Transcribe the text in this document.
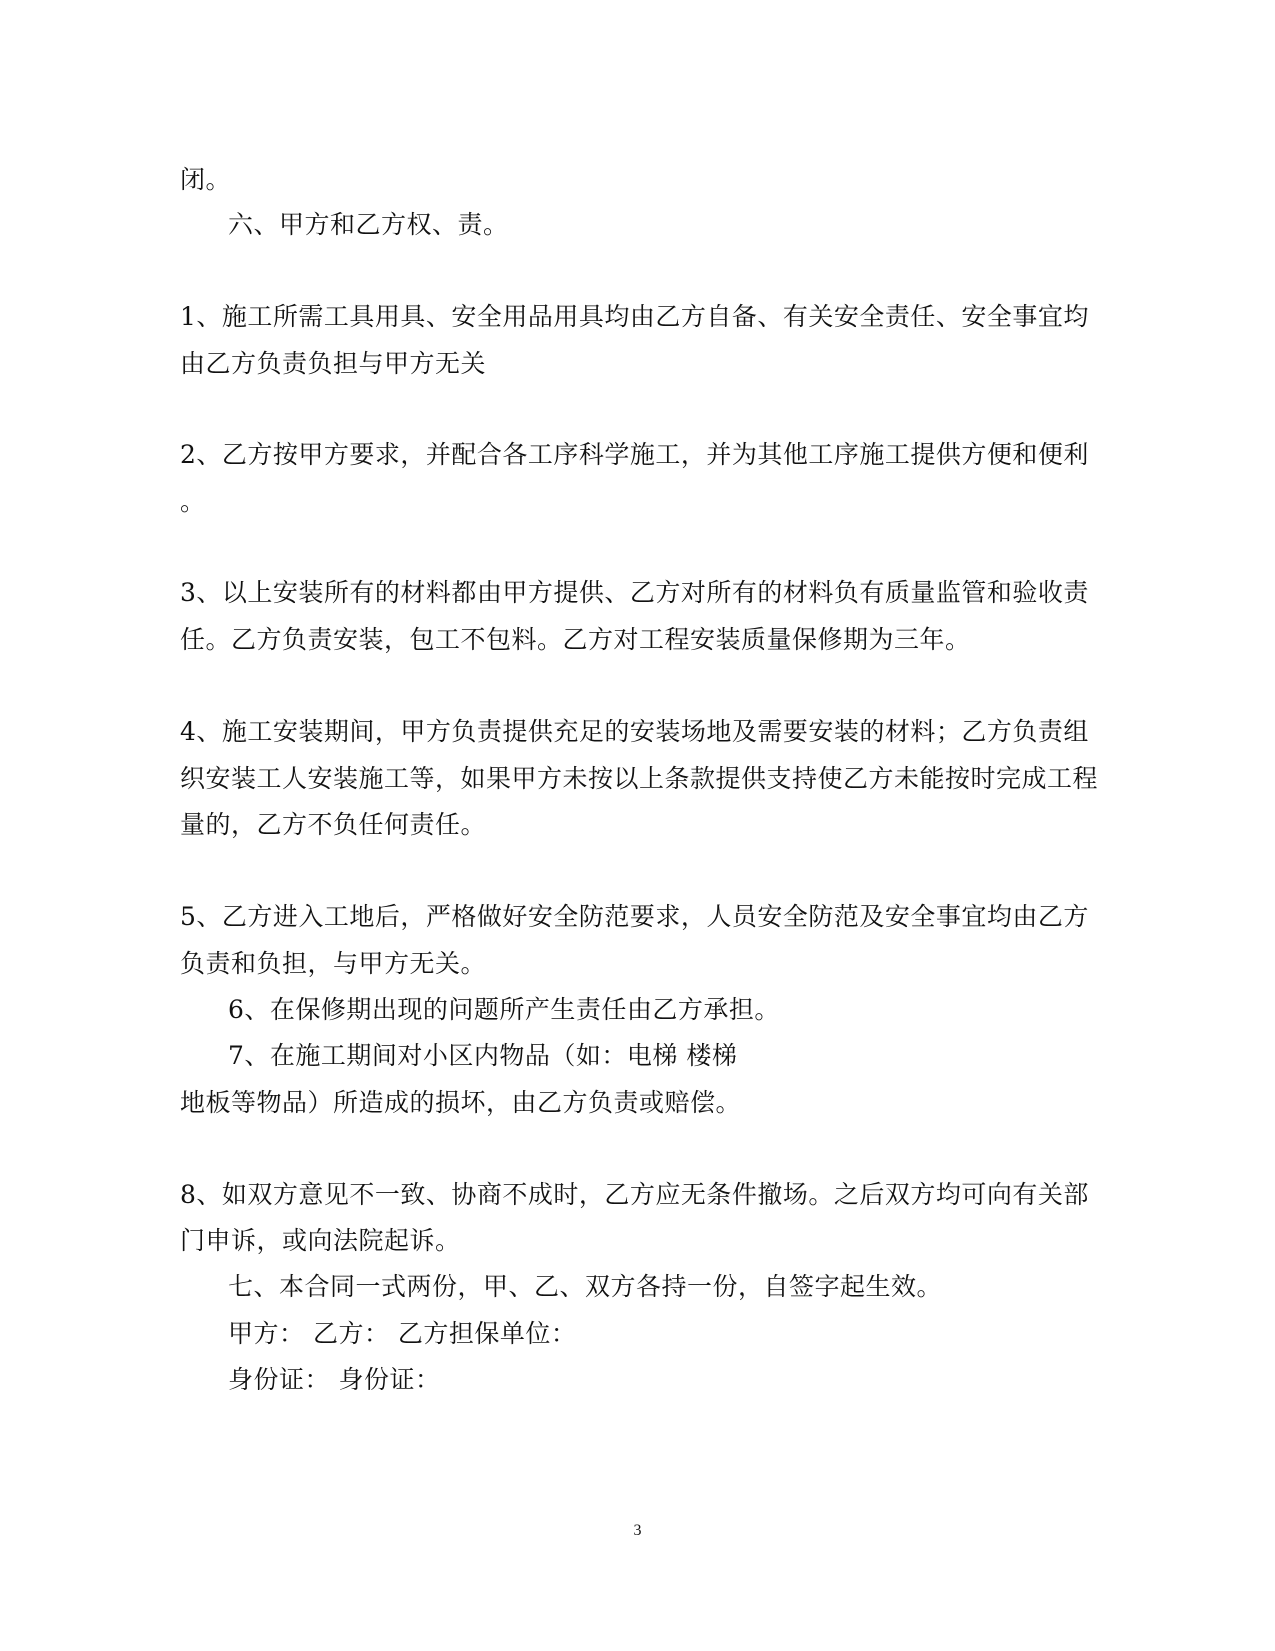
闭。
六、甲方和乙方权、责。
1、施工所需工具用具、安全用品用具均由乙方自备、有关安全责任、安全事宜均
由乙方负责负担与甲方无关
2、乙方按甲方要求，并配合各工序科学施工，并为其他工序施工提供方便和便利
。
3、以上安装所有的材料都由甲方提供、乙方对所有的材料负有质量监管和验收责
任。乙方负责安装，包工不包料。乙方对工程安装质量保修期为三年。
4、施工安装期间，甲方负责提供充足的安装场地及需要安装的材料；乙方负责组
织安装工人安装施工等，如果甲方未按以上条款提供支持使乙方未能按时完成工程
量的，乙方不负任何责任。
5、乙方进入工地后，严格做好安全防范要求，人员安全防范及安全事宜均由乙方
负责和负担，与甲方无关。
6、在保修期出现的问题所产生责任由乙方承担。
7、在施工期间对小区内物品（如：电梯 楼梯
地板等物品）所造成的损坏，由乙方负责或赔偿。
8、如双方意见不一致、协商不成时，乙方应无条件撤场。之后双方均可向有关部
门申诉，或向法院起诉。
七、本合同一式两份，甲、乙、双方各持一份，自签字起生效。
甲方： 乙方： 乙方担保单位：
身份证： 身份证：
3
